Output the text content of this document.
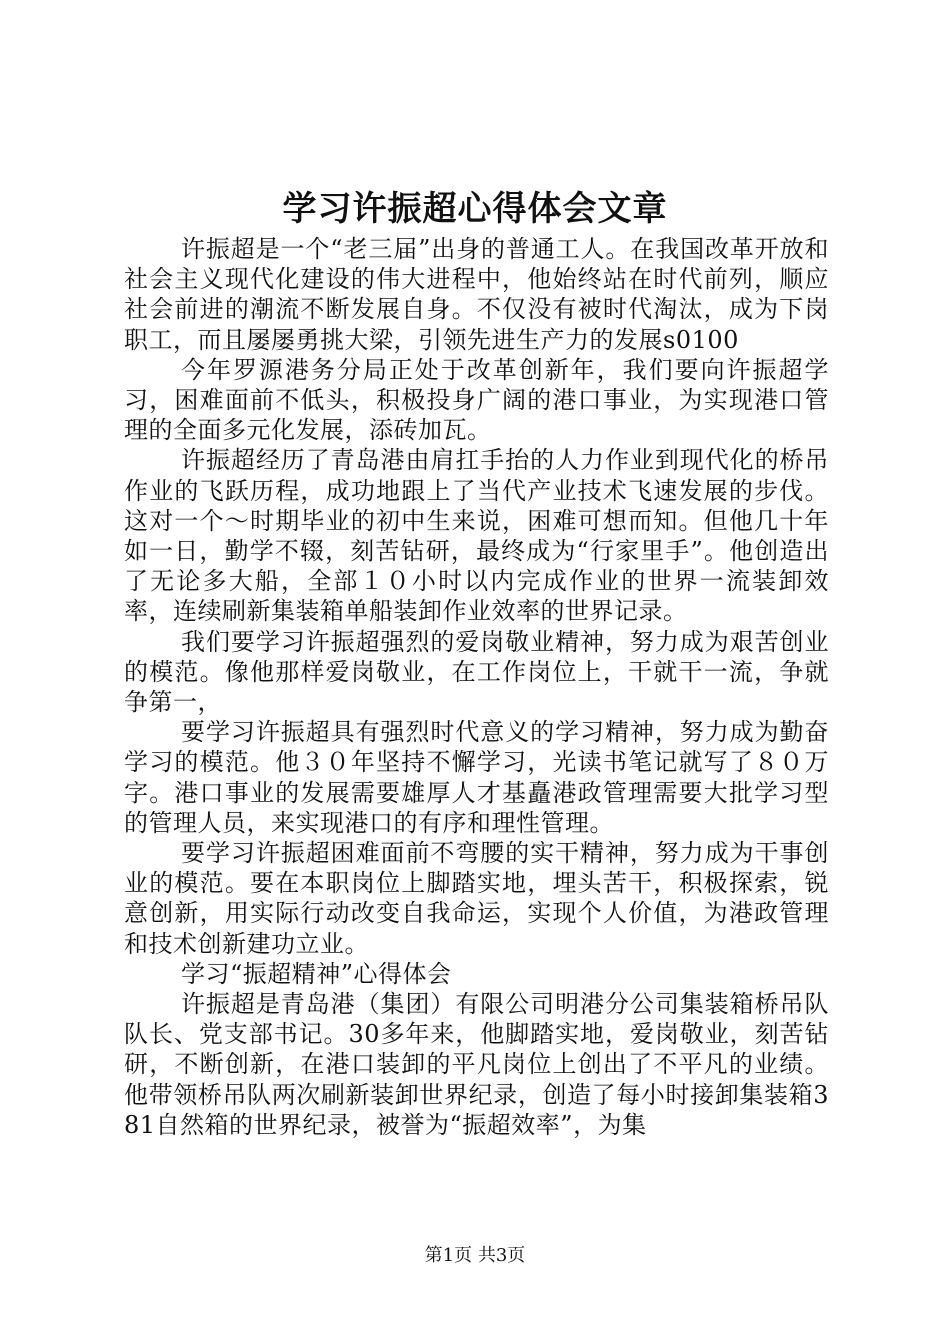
学习许振超心得体会文章

许振超是一个“老三届”出身的普通工人。在我国改革开放和社会主义现代化建设的伟大进程中，他始终站在时代前列，顺应社会前进的潮流不断发展自身。不仅没有被时代淘汰，成为下岗职工，而且屡屡勇挑大梁，引领先进生产力的发展s0100

今年罗源港务分局正处于改革创新年，我们要向许振超学习，困难面前不低头，积极投身广阔的港口事业，为实现港口管理的全面多元化发展，添砖加瓦。

许振超经历了青岛港由肩扛手抬的人力作业到现代化的桥吊作业的飞跃历程，成功地跟上了当代产业技术飞速发展的步伐。这对一个～时期毕业的初中生来说，困难可想而知。但他几十年如一日，勤学不辍，刻苦钻研，最终成为“行家里手”。他创造出了无论多大船，全部１０小时以内完成作业的世界一流装卸效率，连续刷新集装箱单船装卸作业效率的世界记录。

我们要学习许振超强烈的爱岗敬业精神，努力成为艰苦创业的模范。像他那样爱岗敬业，在工作岗位上，干就干一流，争就争第一，

要学习许振超具有强烈时代意义的学习精神，努力成为勤奋学习的模范。他３０年坚持不懈学习，光读书笔记就写了８０万字。港口事业的发展需要雄厚人才基矗港政管理需要大批学习型的管理人员，来实现港口的有序和理性管理。

要学习许振超困难面前不弯腰的实干精神，努力成为干事创业的模范。要在本职岗位上脚踏实地，埋头苦干，积极探索，锐意创新，用实际行动改变自我命运，实现个人价值，为港政管理和技术创新建功立业。

学习“振超精神”心得体会

许振超是青岛港（集团）有限公司明港分公司集装箱桥吊队队长、党支部书记。30多年来，他脚踏实地，爱岗敬业，刻苦钻研，不断创新，在港口装卸的平凡岗位上创出了不平凡的业绩。他带领桥吊队两次刷新装卸世界纪录，创造了每小时接卸集装箱381自然箱的世界纪录，被誉为“振超效率”，为集

第1页 共3页
